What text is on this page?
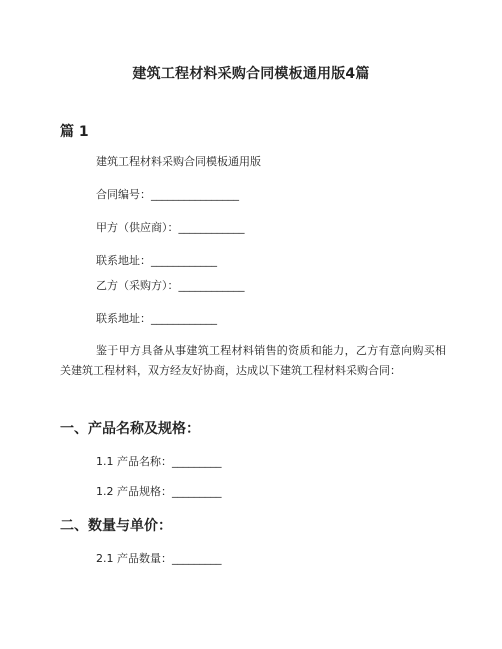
建筑工程材料采购合同模板通用版4篇
篇 1

建筑工程材料采购合同模板通用版

合同编号：________________

甲方（供应商）：____________

联系地址：____________

乙方（采购方）：____________

联系地址：____________

鉴于甲方具备从事建筑工程材料销售的资质和能力，乙方有意向购买相关建筑工程材料，双方经友好协商，达成以下建筑工程材料采购合同：

一、产品名称及规格：

1.1 产品名称：_________

1.2 产品规格：_________

二、数量与单价：

2.1 产品数量：_________
